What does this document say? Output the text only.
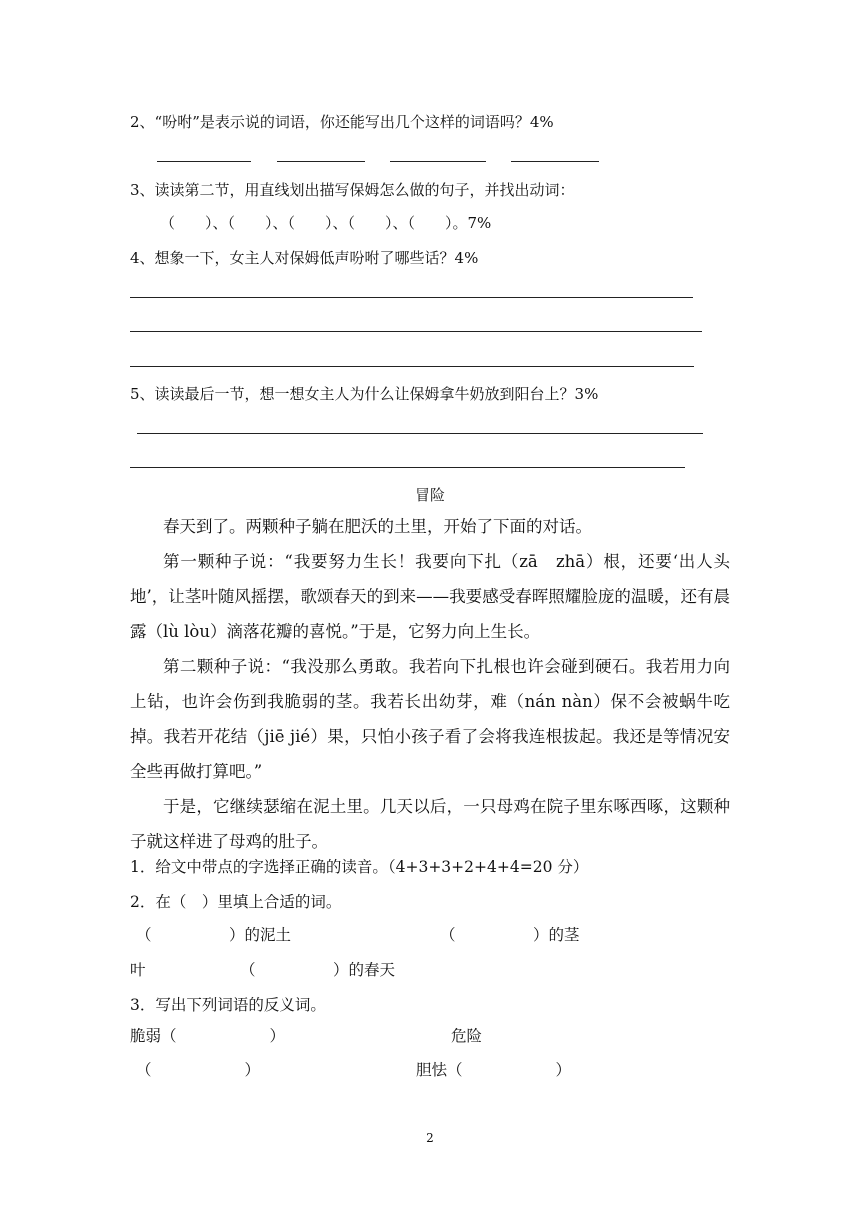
2、“吩咐”是表示说的词语，你还能写出几个这样的词语吗？4%
3、读读第二节，用直线划出描写保姆怎么做的句子，并找出动词：
（　　）、（　　）、（　　）、（　　）、（　　）。7%
4、想象一下，女主人对保姆低声吩咐了哪些话？4%
5、读读最后一节，想一想女主人为什么让保姆拿牛奶放到阳台上？3%
冒险
春天到了。两颗种子躺在肥沃的土里，开始了下面的对话。
第一颗种子说：“我要努力生长！我要向下扎（zā　zhā）根，还要‘出人头地’，让茎叶随风摇摆，歌颂春天的到来——我要感受春晖照耀脸庞的温暖，还有晨露（lù lòu）滴落花瓣的喜悦。”于是，它努力向上生长。
第二颗种子说：“我没那么勇敢。我若向下扎根也许会碰到硬石。我若用力向上钻，也许会伤到我脆弱的茎。我若长出幼芽，难（nán nàn）保不会被蜗牛吃掉。我若开花结（jiē jié）果，只怕小孩子看了会将我连根拔起。我还是等情况安全些再做打算吧。”
于是，它继续瑟缩在泥土里。几天以后，一只母鸡在院子里东啄西啄，这颗种子就这样进了母鸡的肚子。
1．给文中带点的字选择正确的读音。（4+3+3+2+4+4=20 分）
2．在（　）里填上合适的词。
（　　　　　）的泥土	（　　　　　）的茎
叶	（　　　　　）的春天
3．写出下列词语的反义词。
脆弱（　　　　　　）	危险
（　　　　　　）	胆怯（　　　　　　）
2
